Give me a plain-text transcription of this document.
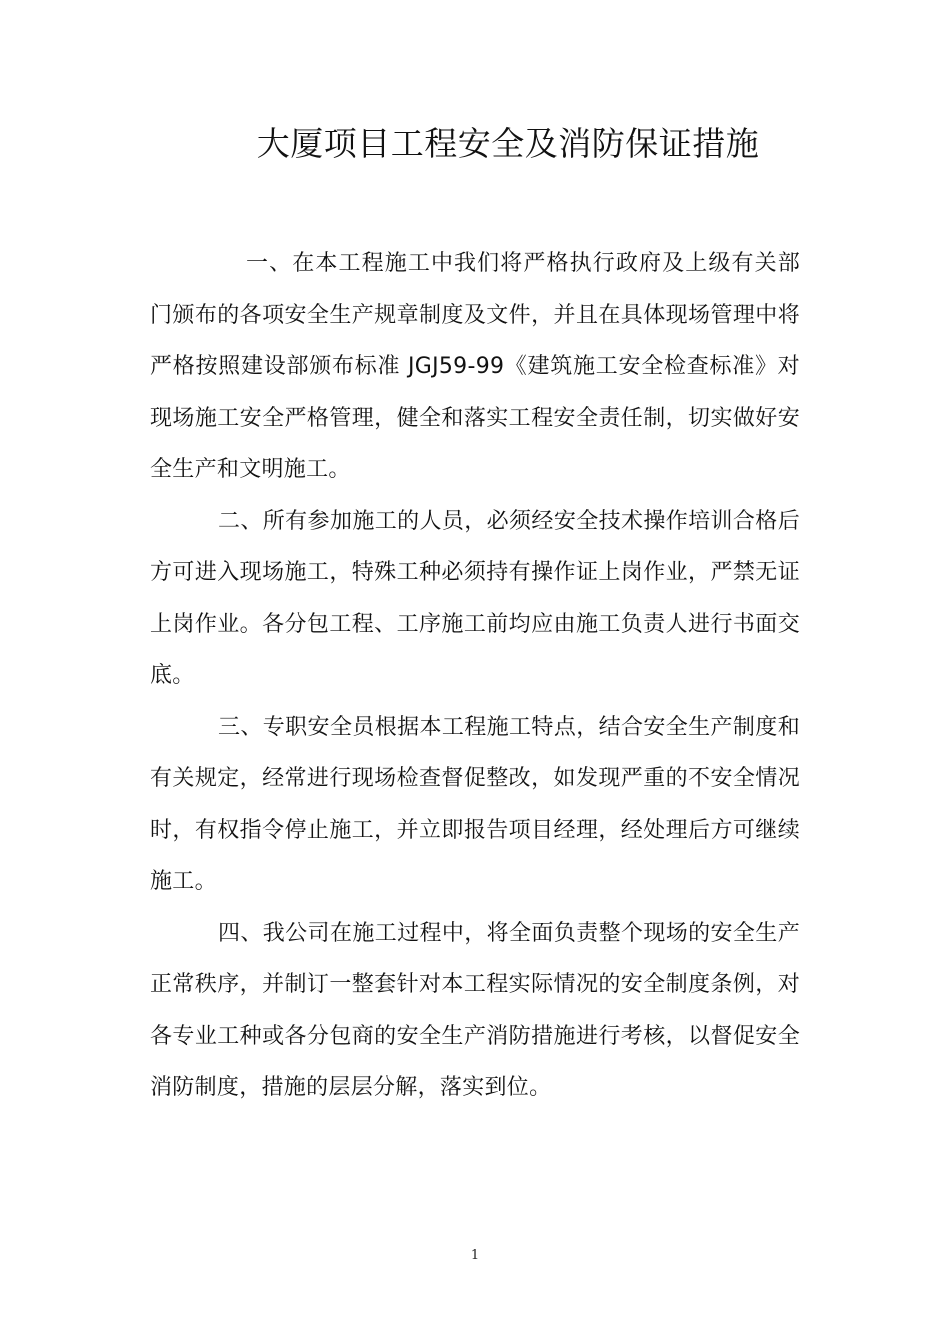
大厦项目工程安全及消防保证措施

一、在本工程施工中我们将严格执行政府及上级有关部门颁布的各项安全生产规章制度及文件，并且在具体现场管理中将严格按照建设部颁布标准 JGJ59-99《建筑施工安全检查标准》对现场施工安全严格管理，健全和落实工程安全责任制，切实做好安全生产和文明施工。

二、所有参加施工的人员，必须经安全技术操作培训合格后方可进入现场施工，特殊工种必须持有操作证上岗作业，严禁无证上岗作业。各分包工程、工序施工前均应由施工负责人进行书面交底。

三、专职安全员根据本工程施工特点，结合安全生产制度和有关规定，经常进行现场检查督促整改，如发现严重的不安全情况时，有权指令停止施工，并立即报告项目经理，经处理后方可继续施工。

四、我公司在施工过程中，将全面负责整个现场的安全生产正常秩序，并制订一整套针对本工程实际情况的安全制度条例，对各专业工种或各分包商的安全生产消防措施进行考核，以督促安全消防制度，措施的层层分解，落实到位。

1
